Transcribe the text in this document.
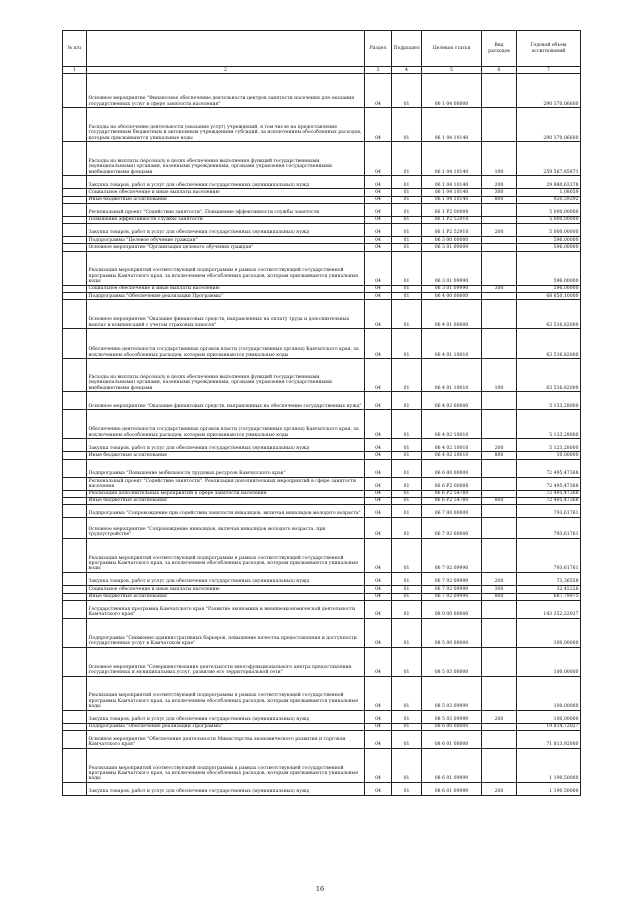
№ п/п		Раздел	Подраздел	Целевая статья	Вид расходов	Годовой объем ассигнований
1	2	3	4	5	6	7
	Основное мероприятие "Финансовое обеспечение деятельности центров занятости населения для оказания государственных услуг в сфере занятости населения"	04	01	06 1 04 00000		290 370,06600
	Расходы на обеспечение деятельности (оказание услуг) учреждений, в том числе на предоставление государственным бюджетным и автономным учреждениям субсидий, за исключением обособленных расходов, которым присваиваются уникальные коды	04	01	06 1 04 10140		290 370,06600
	Расходы на выплаты персоналу в целях обеспечения выполнения функций государственными (муниципальными) органами, казенными учреждениями, органами управления государственными внебюджетными фондами	04	01	06 1 04 10140	100	259 567,85871
	Закупка товаров, работ и услуг для обеспечения государственных (муниципальных) нужд	04	01	06 1 04 10140	200	29 880,63378
	Социальное обеспечение и иные выплаты населению	04	01	06 1 04 10140	300	1,08059
	Иные бюджетные ассигнования	04	01	06 1 04 10140	800	920,59292
	Региональный проект "Содействие занятости". Повышение эффективности службы занятости	04	01	06 1 P2 00000		5 000,00000
	Повышение эффективности службы занятости	04	01	06 1 P2 52910		5 000,00000
	Закупка товаров, работ и услуг для обеспечения государственных (муниципальных) нужд	04	01	06 1 P2 52910	200	5 000,00000
	Подпрограмма "Целевое обучение граждан"	04	01	06 3 00 00000		596,00000
	Основное мероприятие "Организация целевого обучения граждан"	04	01	06 3 01 00000		596,00000
	Реализация мероприятий соответствующей подпрограммы в рамках соответствующей государственной программы Камчатского края, за исключением обособленных расходов, которым присваиваются уникальные коды	04	01	06 3 01 09990		596,00000
	Социальное обеспечение и иные выплаты населению	04	01	06 3 01 09990	300	596,00000
	Подпрограмма "Обеспечение реализации Программы"	04	01	06 4 00 00000		68 650,10000
	Основное мероприятие "Оказание финансовых средств, направленных на оплату труда и дополнительных выплат и компенсаций с учетом страховых взносов"	04	01	06 4 01 00000		63 516,82000
	Обеспечение деятельности государственных органов власти (государственных органов) Камчатского края, за исключением обособленных расходов, которым присваиваются уникальные коды	04	01	06 4 01 10010		63 516,82000
	Расходы на выплаты персоналу в целях обеспечения выполнения функций государственными (муниципальными) органами, казенными учреждениями, органами управления государственными внебюджетными фондами	04	01	06 4 01 10010	100	63 516,82000
	Основное мероприятие "Оказание финансовых средств, направленных на обеспечение государственных нужд"	04	01	06 4 02 00000		5 133,28000
	Обеспечение деятельности государственных органов власти (государственных органов) Камчатского края, за исключением обособленных расходов, которым присваиваются уникальные коды	04	01	06 4 02 10010		5 133,28000
	Закупка товаров, работ и услуг для обеспечения государственных (муниципальных) нужд	04	01	06 4 02 10010	200	5 123,28000
	Иные бюджетные ассигнования	04	01	06 4 02 10010	800	10,00000
	Подпрограмма "Повышение мобильности трудовых ресурсов Камчатского края"	04	01	06 6 00 00000		72 495,47368
	Региональный проект "Содействие занятости". Реализация дополнительных мероприятий в сфере занятости населения	04	01	06 6 P2 00000		72 495,47368
	Реализация дополнительных мероприятий в сфере занятости населения	04	01	06 6 P2 54780		72 495,47368
	Иные бюджетные ассигнования	04	01	06 6 P2 54780	800	72 495,47368
	Подпрограмма "Сопровождение при содействии занятости инвалидов, включая инвалидов молодого возраста"	04	01	06 7 00 00000		793,61761
	Основное мероприятие "Сопровождение инвалидов, включая инвалидов молодого возраста, при трудоустройстве"	04	01	06 7 02 00000		793,61761
	Реализация мероприятий соответствующей подпрограммы в рамках соответствующей государственной программы Камчатского края, за исключением обособленных расходов, которым присваиваются уникальные коды	04	01	06 7 02 09990		793,61761
	Закупка товаров, работ и услуг для обеспечения государственных (муниципальных) нужд	04	01	06 7 02 09990	200	73,36558
	Социальное обеспечение и иные выплаты населению	04	01	06 7 02 09990	300	32,45228
	Иные бюджетные ассигнования	04	01	06 7 02 09990	800	687,79975
	Государственная программа Камчатского края "Развитие экономики и внешнеэкономической деятельности Камчатского края"	04	01	08 0 00 00000		143 352,22027
	Подпрограмма "Снижение административных барьеров, повышение качества предоставления и доступности государственных услуг в Камчатском крае"	04	01	08 5 00 00000		100,00000
	Основное мероприятие "Совершенствование деятельности многофункционального центра предоставления государственных и муниципальных услуг, развитие его территориальной сети"	04	01	08 5 03 00000		100,00000
	Реализация мероприятий соответствующей подпрограммы в рамках соответствующей государственной программы Камчатского края, за исключением обособленных расходов, которым присваиваются уникальные коды	04	01	08 5 03 09990		100,00000
	Закупка товаров, работ и услуг для обеспечения государственных (муниципальных) нужд	04	01	08 5 03 09990	200	100,00000
	Подпрограмма "Обеспечение реализации Программы"	04	01	08 6 00 00000		19 814,72027
	Основное мероприятие "Обеспечение деятельности Министерства экономического развития и торговли Камчатского края"	04	01	08 6 01 00000		71 813,92000
	Реализация мероприятий соответствующей подпрограммы в рамках соответствующей государственной программы Камчатского края, за исключением обособленных расходов, которым присваиваются уникальные коды	04	01	08 6 01 09990		1 190,50000
	Закупка товаров, работ и услуг для обеспечения государственных (муниципальных) нужд	04	01	08 6 01 09990	200	1 190,50000
16
